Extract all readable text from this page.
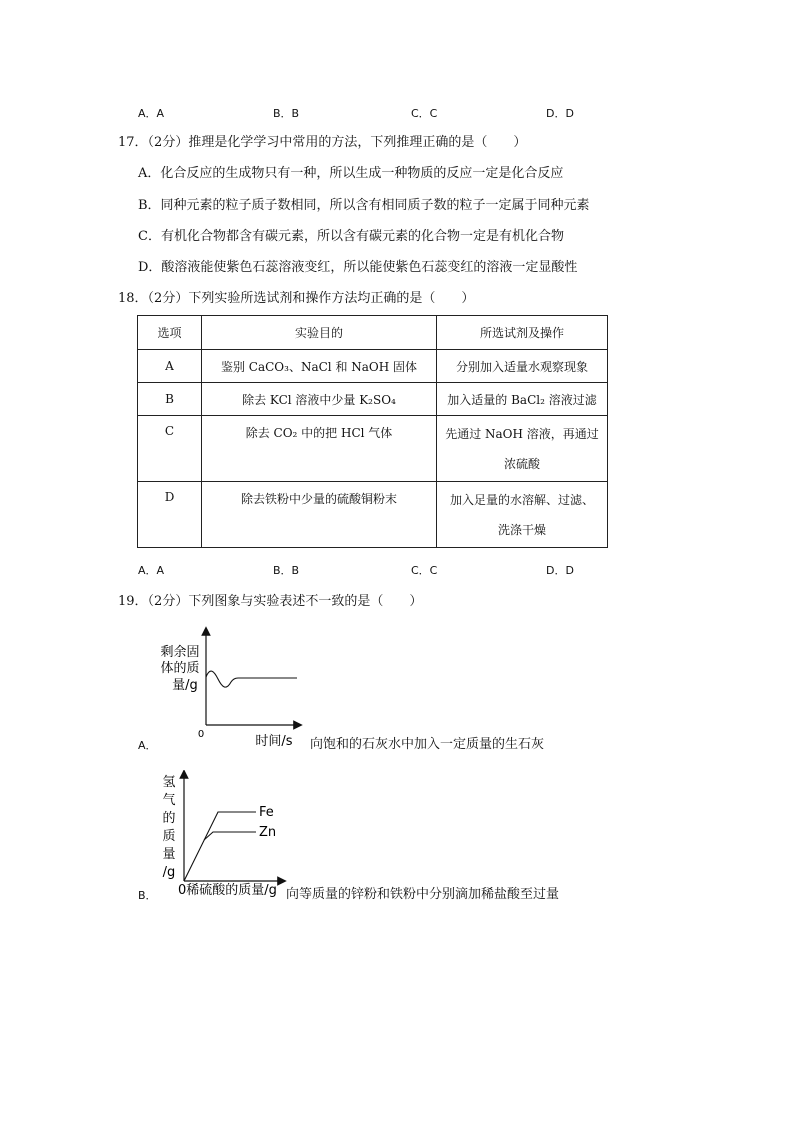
A．A	B．B	C．C	D．D
17．（2分）推理是化学学习中常用的方法，下列推理正确的是（　　）
A．化合反应的生成物只有一种，所以生成一种物质的反应一定是化合反应
B．同种元素的粒子质子数相同，所以含有相同质子数的粒子一定属于同种元素
C．有机化合物都含有碳元素，所以含有碳元素的化合物一定是有机化合物
D．酸溶液能使紫色石蕊溶液变红，所以能使紫色石蕊变红的溶液一定显酸性
18．（2分）下列实验所选试剂和操作方法均正确的是（　　）
选项	实验目的	所选试剂及操作
A	鉴别 CaCO₃、NaCl 和 NaOH 固体	分别加入适量水观察现象
B	除去 KCl 溶液中少量 K₂SO₄	加入适量的 BaCl₂ 溶液过滤
C	除去 CO₂ 中的把 HCl 气体	先通过 NaOH 溶液，再通过
浓硫酸

D	除去铁粉中少量的硫酸铜粉末	加入足量的水溶解、过滤、
洗涤干燥
A．A	B．B	C．C	D．D
19．（2分）下列图象与实验表述不一致的是（　　）
剩余固
体的质
量/g
0	时间/s
A．	向饱和的石灰水中加入一定质量的生石灰
Fe
Zn
氢
气
的
质
量
/g
0稀硫酸的质量/g
B．	向等质量的锌粉和铁粉中分别滴加稀盐酸至过量
